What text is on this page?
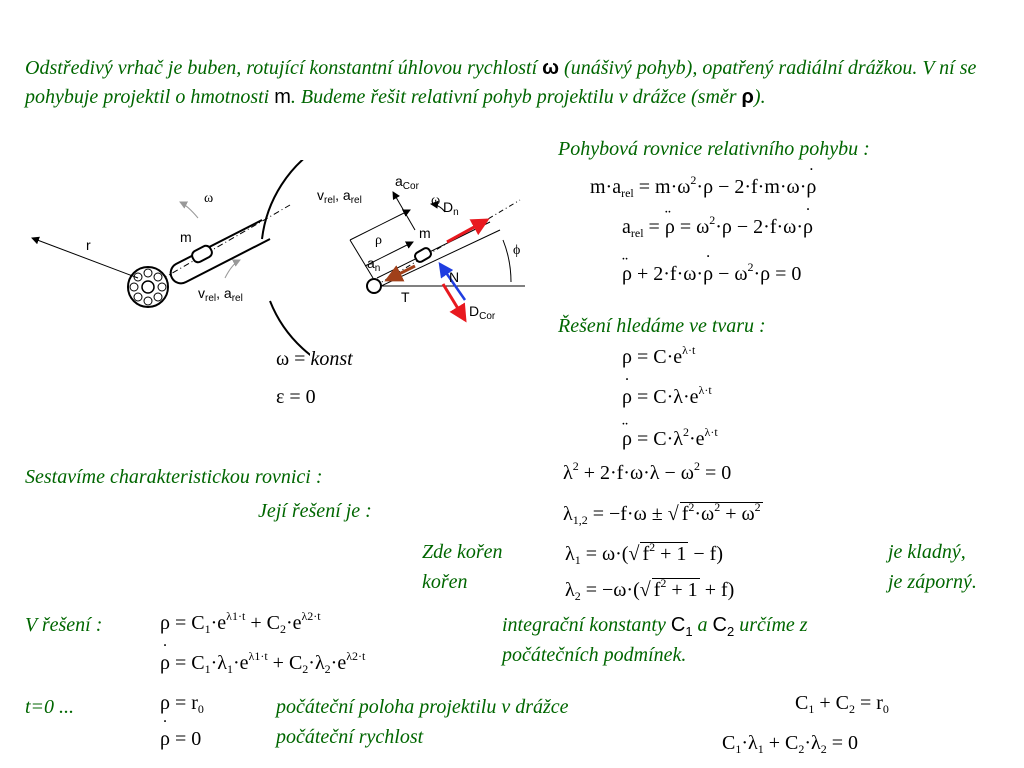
Odstředivý vrhač je buben, rotující konstantní úhlovou rychlostí ω (unášivý pohyb), opatřený radiální drážkou. V ní se pohybuje projektil o hmotnosti m. Budeme řešit relativní pohyb projektilu v drážce (směr ρ).
r	m
ω
$v_{rel}$, $a_{rel}$
$v_{rel}$, $a_{rel}$
$a_{Cor}$
ω $D_n$
ρ	m
$a_n$
ϕ
N
T
$D_{Cor}$
ω = konst
ε = 0
Pohybová rovnice relativního pohybu :
$m\cdot a_{rel} = m\cdot\omega^2\cdot\rho - 2\cdot f\cdot m\cdot\omega\cdot\rho$ ˙
$a_{rel} = \rho$ ¨ = $\omega^2\cdot\rho - 2\cdot f\cdot\omega\cdot\rho$ ˙
ρ ¨ + 2·f·ω·ρ ˙ − $\omega^2\cdot\rho = 0$
Řešení hledáme ve tvaru :
$\rho = C\cdot e^{\lambda\cdot t}$
ρ ˙ = $C\cdot\lambda\cdot e^{\lambda\cdot t}$
ρ ¨ = $C\cdot\lambda^2\cdot e^{\lambda\cdot t}$
Sestavíme charakteristickou rovnici :
Její řešení je :
$\lambda^2 + 2\cdot f\cdot\omega\cdot\lambda - \omega^2 = 0$
$\lambda_{1,2} = -f\cdot\omega$ ± √ $f^2\cdot\omega^2 + \omega^2$
Zde kořen
kořen
$\lambda_1 = \omega\cdot(√$ $f^2 + 1 - f$)
$\lambda_2 = -\omega\cdot(√$ $f^2 + 1 + f$)
je kladný,
je záporný.
V řešení :	$\rho = C_1\cdot e^{\lambda 1\cdot t} + C_2\cdot e^{\lambda 2\cdot t}$
ρ ˙ = $C_1\cdot\lambda_1\cdot e^{\lambda 1\cdot t} + C_2\cdot\lambda_2\cdot e^{\lambda 2\cdot t}$
integrační konstanty $C_1$ a $C_2$ určíme z
počátečních podmínek.
t=0 ...	$\rho = r_0$
ρ ˙ = 0
počáteční poloha projektilu v drážce
počáteční rychlost
$C_1 + C_2 = r_0$
$C_1\cdot\lambda_1 + C_2\cdot\lambda_2 = 0$
